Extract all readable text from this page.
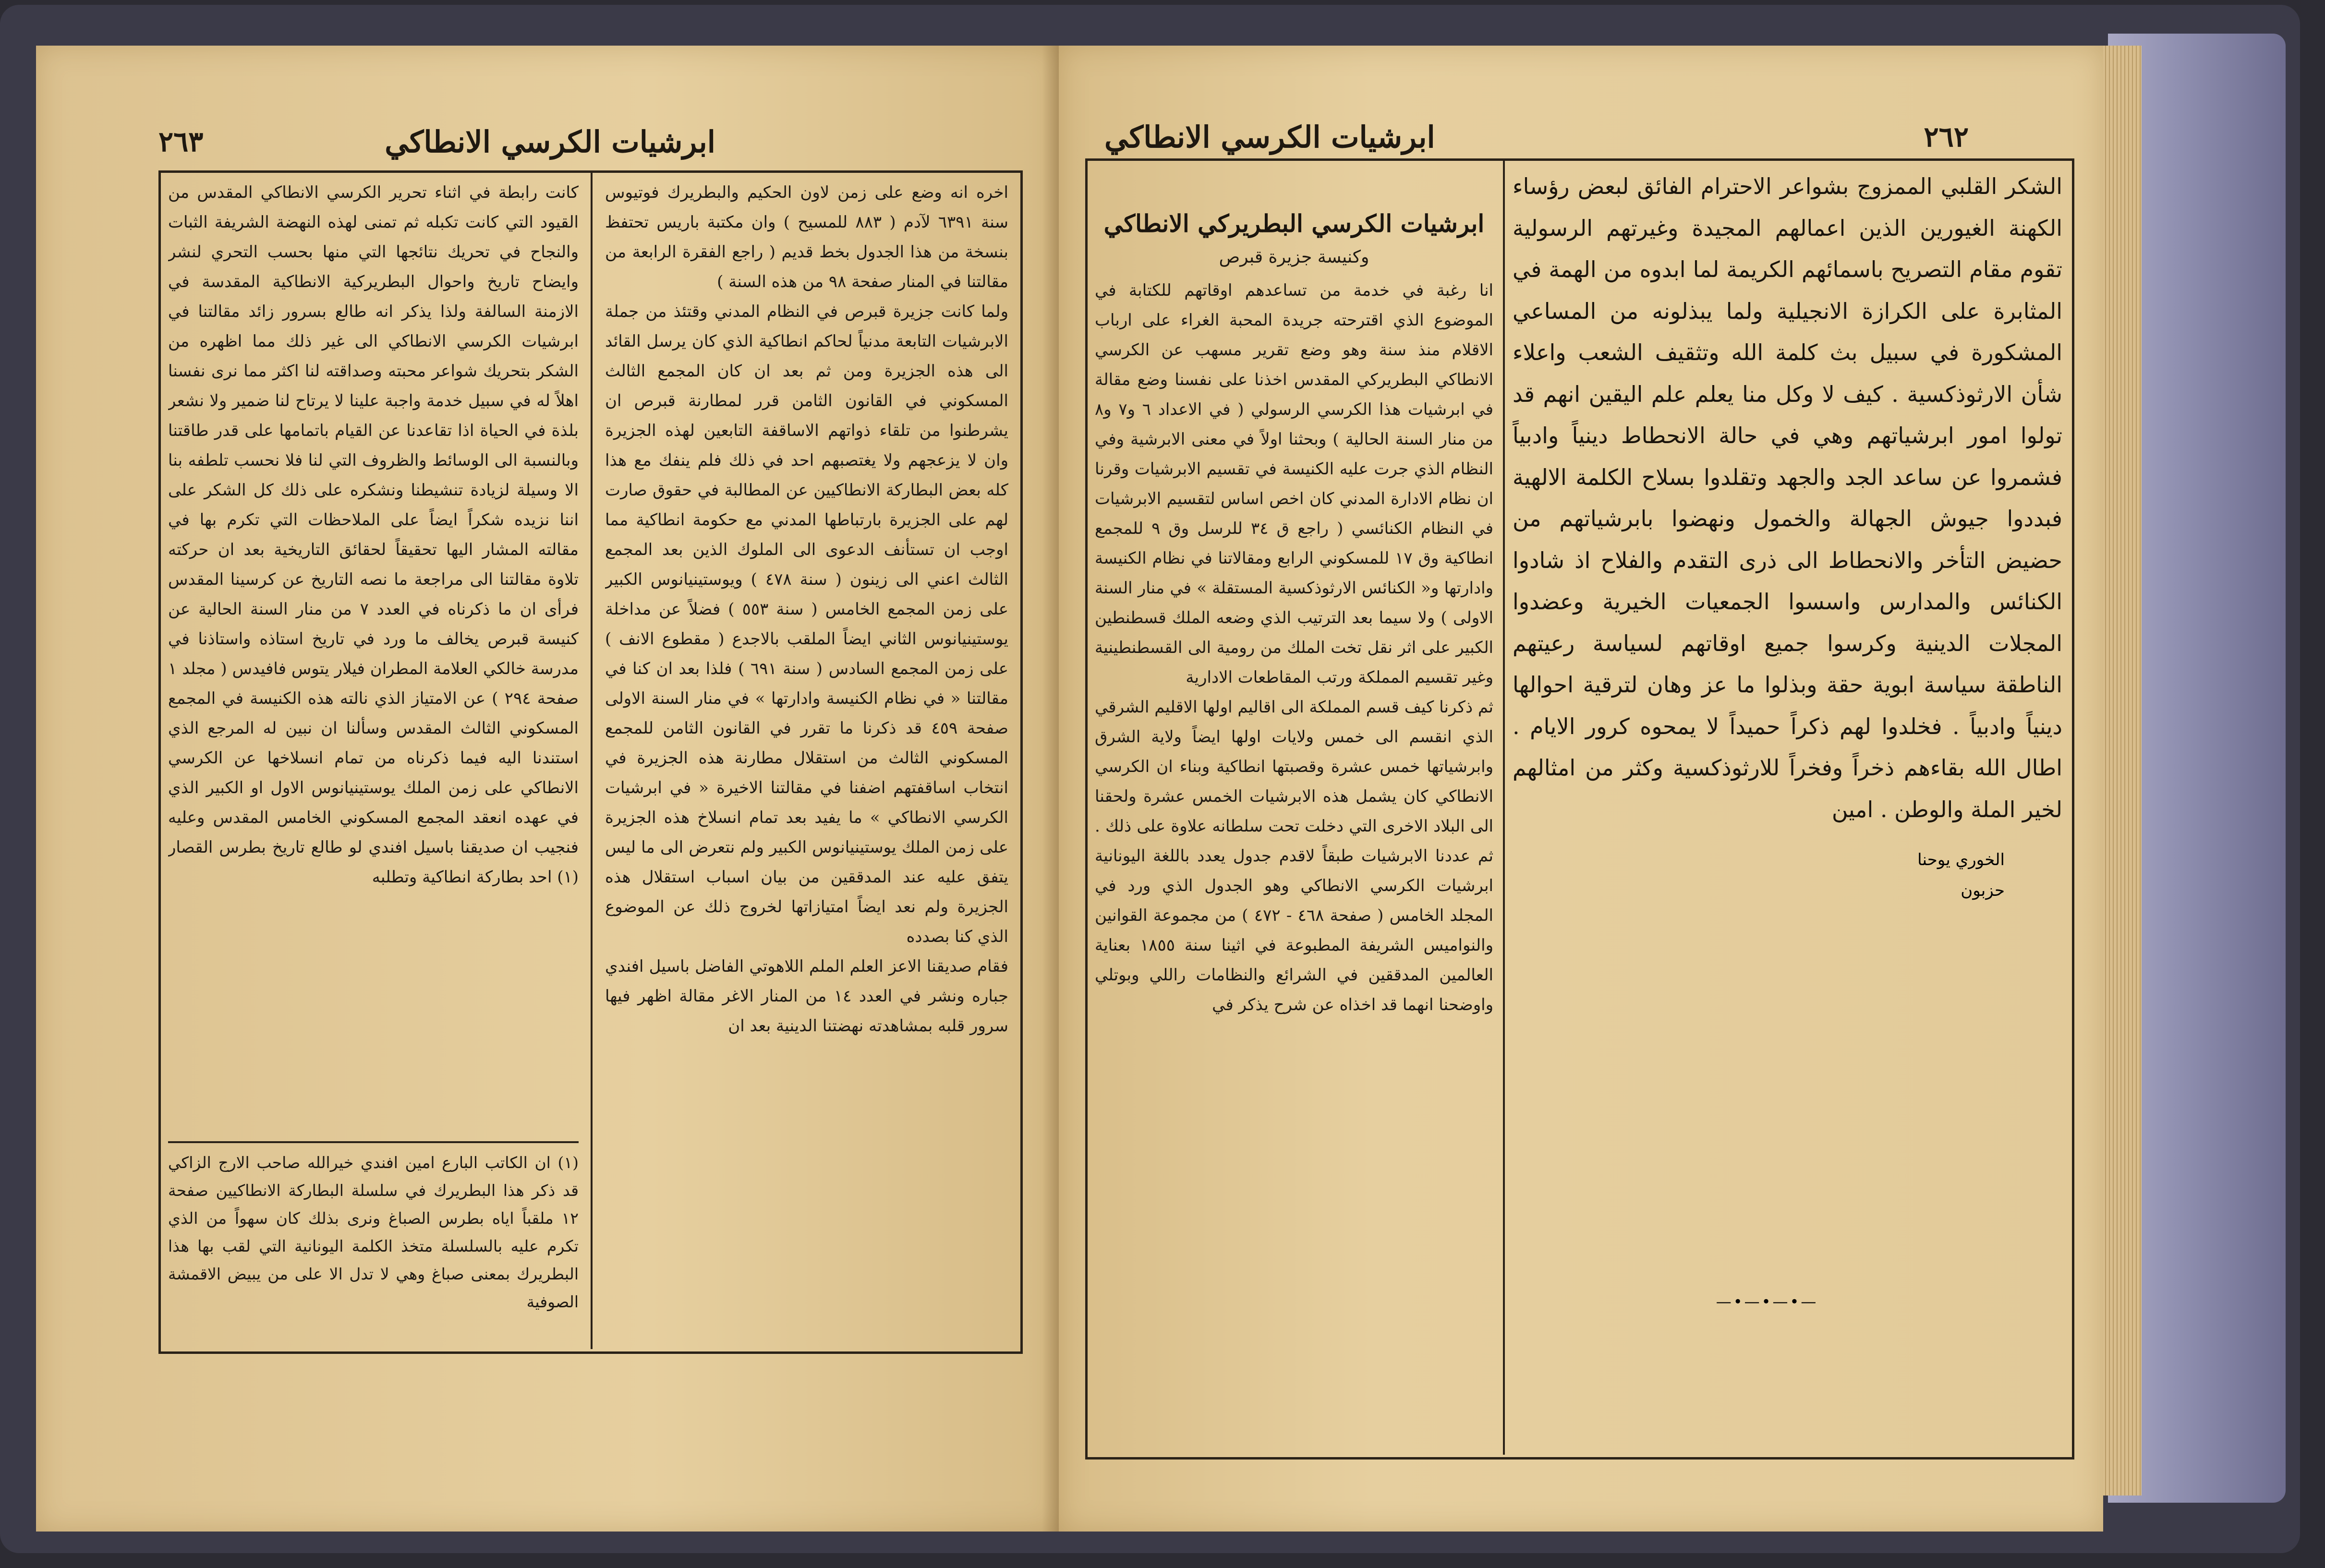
٢٦٣	ابرشيات الكرسي الانطاكي

اخره انه وضع على زمن لاون الحكيم والبطريرك فوتيوس سنة ٦٣٩١ لآدم ( ٨٨٣ للمسيح ) وان مكتبة باريس تحتفظ بنسخة من هذا الجدول بخط قديم ( راجع الفقرة الرابعة من مقالتنا في المنار صفحة ٩٨ من هذه السنة )

ولما كانت جزيرة قبرص في النظام المدني وقتئذ من جملة الابرشيات التابعة مدنياً لحاكم انطاكية الذي كان يرسل القائد الى هذه الجزيرة ومن ثم بعد ان كان المجمع الثالث المسكوني في القانون الثامن قرر لمطارنة قبرص ان يشرطنوا من تلقاء ذواتهم الاساقفة التابعين لهذه الجزيرة وان لا يزعجهم ولا يغتصبهم احد في ذلك فلم ينفك مع هذا كله بعض البطاركة الانطاكيين عن المطالبة في حقوق صارت لهم على الجزيرة بارتباطها المدني مع حكومة انطاكية مما اوجب ان تستأنف الدعوى الى الملوك الذين بعد المجمع الثالث اعني الى زينون ( سنة ٤٧٨ ) ويوستينيانوس الكبير على زمن المجمع الخامس ( سنة ٥٥٣ ) فضلاً عن مداخلة يوستينيانوس الثاني ايضاً الملقب بالاجدع ( مقطوع الانف ) على زمن المجمع السادس ( سنة ٦٩١ ) فلذا بعد ان كنا في مقالتنا « في نظام الكنيسة وادارتها » في منار السنة الاولى صفحة ٤٥٩ قد ذكرنا ما تقرر في القانون الثامن للمجمع المسكوني الثالث من استقلال مطارنة هذه الجزيرة في انتخاب اساقفتهم اضفنا في مقالتنا الاخيرة « في ابرشيات الكرسي الانطاكي » ما يفيد بعد تمام انسلاخ هذه الجزيرة على زمن الملك يوستينيانوس الكبير ولم نتعرض الى ما ليس يتفق عليه عند المدققين من بيان اسباب استقلال هذه الجزيرة ولم نعد ايضاً امتيازاتها لخروج ذلك عن الموضوع الذي كنا بصدده

فقام صديقنا الاعز العلم الملم اللاهوتي الفاضل باسيل افندي جباره ونشر في العدد ١٤ من المنار الاغر مقالة اظهر فيها سرور قلبه بمشاهدته نهضتنا الدينية بعد ان

كانت رابطة في اثناء تحرير الكرسي الانطاكي المقدس من القيود التي كانت تكبله ثم تمنى لهذه النهضة الشريفة الثبات والنجاح في تحريك نتائجها التي منها بحسب التحري لنشر وايضاح تاريخ واحوال البطريركية الانطاكية المقدسة في الازمنة السالفة ولذا يذكر انه طالع بسرور زائد مقالتنا في ابرشيات الكرسي الانطاكي الى غير ذلك مما اظهره من الشكر بتحريك شواعر محبته وصداقته لنا اكثر مما نرى نفسنا اهلاً له في سبيل خدمة واجبة علينا لا يرتاح لنا ضمير ولا نشعر بلذة في الحياة اذا تقاعدنا عن القيام باتمامها على قدر طاقتنا وبالنسبة الى الوسائط والظروف التي لنا فلا نحسب تلطفه بنا الا وسيلة لزيادة تنشيطنا ونشكره على ذلك كل الشكر على اننا نزيده شكراً ايضاً على الملاحظات التي تكرم بها في مقالته المشار اليها تحقيقاً لحقائق التاريخية بعد ان حركته تلاوة مقالتنا الى مراجعة ما نصه التاريخ عن كرسينا المقدس فرأى ان ما ذكرناه في العدد ٧ من منار السنة الحالية عن كنيسة قبرص يخالف ما ورد في تاريخ استاذه واستاذنا في مدرسة خالكي العلامة المطران فيلار يتوس فافيدس ( مجلد ١ صفحة ٢٩٤ ) عن الامتياز الذي نالته هذه الكنيسة في المجمع المسكوني الثالث المقدس وسألنا ان نبين له المرجع الذي استندنا اليه فيما ذكرناه من تمام انسلاخها عن الكرسي الانطاكي على زمن الملك يوستينيانوس الاول او الكبير الذي في عهده انعقد المجمع المسكوني الخامس المقدس وعليه فنجيب ان صديقنا باسيل افندي لو طالع تاريخ بطرس القصار (١) احد بطاركة انطاكية وتطلبه

(١) ان الكاتب البارع امين افندي خيرالله صاحب الارج الزاكي قد ذكر هذا البطريرك في سلسلة البطاركة الانطاكيين صفحة ١٢ ملقباً اياه بطرس الصباغ ونرى بذلك كان سهواً من الذي تكرم عليه بالسلسلة متخذ الكلمة اليونانية التي لقب بها هذا البطريرك بمعنى صباغ وهي لا تدل الا على من يبيض الاقمشة الصوفية

٢٦٢
ابرشيات الكرسي الانطاكي
الشكر القلبي الممزوج بشواعر الاحترام الفائق لبعض رؤساء الكهنة الغيورين الذين اعمالهم المجيدة وغيرتهم الرسولية تقوم مقام التصريح باسمائهم الكريمة لما ابدوه من الهمة في المثابرة على الكرازة الانجيلية ولما يبذلونه من المساعي المشكورة في سبيل بث كلمة الله وتثقيف الشعب واعلاء شأن الارثوذكسية . كيف لا وكل منا يعلم علم اليقين انهم قد تولوا امور ابرشياتهم وهي في حالة الانحطاط دينياً وادبياً فشمروا عن ساعد الجد والجهد وتقلدوا بسلاح الكلمة الالهية فبددوا جيوش الجهالة والخمول ونهضوا بابرشياتهم من حضيض التأخر والانحطاط الى ذرى التقدم والفلاح اذ شادوا الكنائس والمدارس واسسوا الجمعيات الخيرية وعضدوا المجلات الدينية وكرسوا جميع اوقاتهم لسياسة رعيتهم الناطقة سياسة ابوية حقة وبذلوا ما عز وهان لترقية احوالها دينياً وادبياً . فخلدوا لهم ذكراً حميداً لا يمحوه كرور الايام . اطال الله بقاءهم ذخراً وفخراً للارثوذكسية وكثر من امثالهم لخير الملة والوطن . امين
الخوري يوحنا
حزبون
ابرشيات الكرسي البطريركي الانطاكي
وكنيسة جزيرة قبرص

انا رغبة في خدمة من تساعدهم اوقاتهم للكتابة في الموضوع الذي اقترحته جريدة المحبة الغراء على ارباب الاقلام منذ سنة وهو وضع تقرير مسهب عن الكرسي الانطاكي البطريركي المقدس اخذنا على نفسنا وضع مقالة في ابرشيات هذا الكرسي الرسولي ( في الاعداد ٦ و٧ و٨ من منار السنة الحالية ) وبحثنا اولاً في معنى الابرشية وفي النظام الذي جرت عليه الكنيسة في تقسيم الابرشيات وقرنا ان نظام الادارة المدني كان اخص اساس لتقسيم الابرشيات في النظام الكنائسي ( راجع ق ٣٤ للرسل وق ٩ للمجمع انطاكية وق ١٧ للمسكوني الرابع ومقالاتنا في نظام الكنيسة وادارتها و« الكنائس الارثوذكسية المستقلة » في منار السنة الاولى ) ولا سيما بعد الترتيب الذي وضعه الملك قسطنطين الكبير على اثر نقل تخت الملك من رومية الى القسطنطينية وغير تقسيم المملكة ورتب المقاطعات الادارية

ثم ذكرنا كيف قسم المملكة الى اقاليم اولها الاقليم الشرقي الذي انقسم الى خمس ولايات اولها ايضاً ولاية الشرق وابرشياتها خمس عشرة وقصبتها انطاكية وبناء ان الكرسي الانطاكي كان يشمل هذه الابرشيات الخمس عشرة ولحقنا الى البلاد الاخرى التي دخلت تحت سلطانه علاوة على ذلك . ثم عددنا الابرشيات طبقاً لاقدم جدول يعدد باللغة اليونانية ابرشيات الكرسي الانطاكي وهو الجدول الذي ورد في المجلد الخامس ( صفحة ٤٦٨ - ٤٧٢ ) من مجموعة القوانين والنواميس الشريفة المطبوعة في اثينا سنة ١٨٥٥ بعناية العالمين المدققين في الشرائع والنظامات راللي وبوتلي واوضحنا انهما قد اخذاه عن شرح يذكر في

—•—•—•—
